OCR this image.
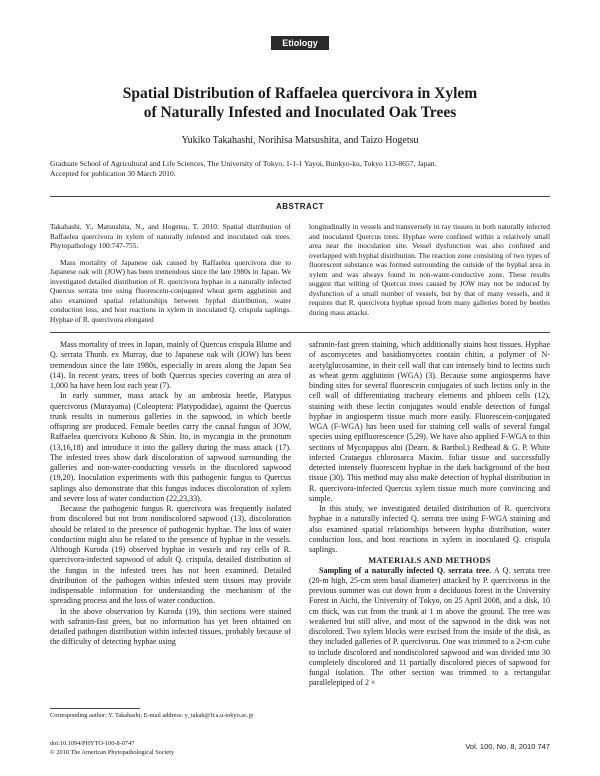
Etiology
Spatial Distribution of Raffaelea quercivora in Xylem
of Naturally Infested and Inoculated Oak Trees
Yukiko Takahashi, Norihisa Matsushita, and Taizo Hogetsu
Graduate School of Agricultural and Life Sciences, The University of Tokyo, 1-1-1 Yayoi, Bunkyo-ku, Tokyo 113-8657, Japan.
Accepted for publication 30 March 2010.
ABSTRACT

Takahashi, Y., Matsushita, N., and Hogetsu, T. 2010. Spatial distribution of Raffaelea quercivora in xylem of naturally infested and inoculated oak trees. Phytopathology 100:747-755.

Mass mortality of Japanese oak caused by Raffaelea quercivora due to Japanese oak wilt (JOW) has been tremendous since the late 1980s in Japan. We investigated detailed distribution of R. quercivora hyphae in a naturally infected Quercus serrata tree using fluorescein-conjugated wheat germ agglutinin and also examined spatial relationships between hyphal distribution, water conduction loss, and host reactions in xylem in inoculated Q. crispula saplings. Hyphae of R. quercivora elongated

longitudinally in vessels and transversely in ray tissues in both naturally infected and inoculated Quercus trees. Hyphae were confined within a relatively small area near the inoculation site. Vessel dysfunction was also confined and overlapped with hyphal distribution. The reaction zone consisting of two types of fluorescent substance was formed surrounding the outside of the hyphal area in xylem and was always found in non-water-conductive zone. These results suggest that wilting of Quercus trees caused by JOW may not be induced by dysfunction of a small number of vessels, but by that of many vessels, and it requires that R. quercivora hyphae spread from many galleries bored by beetles during mass attacks.

Mass mortality of trees in Japan, mainly of Quercus crispula Blume and Q. serrata Thunb. ex Murray, due to Japanese oak wilt (JOW) has been tremendous since the late 1980s, especially in areas along the Japan Sea (14). In recent years, trees of both Quercus species covering an area of 1,000 ha have been lost each year (7).

In early summer, mass attack by an ambrosia beetle, Platypus quercivorus (Murayama) (Coleoptera: Platypodidae), against the Quercus trunk results in numerous galleries in the sapwood, in which beetle offspring are produced. Female beetles carry the causal fungus of JOW, Raffaelea quercivora Kubono & Shin. Ito, in mycangia in the pronotum (13,16,18) and introduce it into the gallery during the mass attack (17). The infested trees show dark discoloration of sapwood surrounding the galleries and non-water-conducting vessels in the discolored sapwood (19,20). Inoculation experiments with this pathogenic fungus to Quercus saplings also demonstrate that this fungus induces discoloration of xylem and severe loss of water conduction (22,23,33).

Because the pathogenic fungus R. quercivora was frequently isolated from discolored but not from nondiscolored sapwood (13), discoloration should be related to the presence of pathogenic hyphae. The loss of water conduction might also be related to the presence of hyphae in the vessels. Although Kuroda (19) observed hyphae in vessels and ray cells of R. quercivora-infected sapwood of adult Q. crispula, detailed distribution of the fungus in the infested trees has not been examined. Detailed distribution of the pathogen within infested stem tissues may provide indispensable information for understanding the mechanism of the spreading process and the loss of water conduction.

In the above observation by Kuroda (19), thin sections were stained with safranin-fast green, but no information has yet been obtained on detailed pathogen distribution within infected tissues, probably because of the difficulty of detecting hyphae using

safranin-fast green staining, which additionally stains host tissues. Hyphae of ascomycetes and basidiomycetes contain chitin, a polymer of N-acetylglucosamine, in their cell wall that can intensely bind to lectins such as wheat germ agglutinin (WGA) (3). Because some angiosperms have binding sites for several fluorescein conjugates of such lectins only in the cell wall of differentiating tracheary elements and phloem cells (12), staining with these lectin conjugates would enable detection of fungal hyphae in angiosperm tissue much more easily. Fluorescein-conjugated WGA (F-WGA) has been used for staining cell walls of several fungal species using epifluorescence (5,29). We have also applied F-WGA to thin sections of Mycopappus alni (Dearn. & Barthol.) Redhead & G. P. White infected Crataegus chlorosarca Maxim. foliar tissue and successfully detected intensely fluorescent hyphae in the dark background of the host tissue (30). This method may also make detection of hyphal distribution in R. quercivora-infected Quercus xylem tissue much more convincing and simple.

In this study, we investigated detailed distribution of R. quercivora hyphae in a naturally infected Q. serrata tree using F-WGA staining and also examined spatial relationships between hypha distribution, water conduction loss, and host reactions in xylem in inoculated Q. crispula saplings.

MATERIALS AND METHODS

Sampling of a naturally infected Q. serrata tree. A Q. serrata tree (20-m high, 25-cm stem basal diameter) attacked by P. quercivorus in the previous summer was cut down from a deciduous forest in the University Forest in Aichi, the University of Tokyo, on 25 April 2008, and a disk, 10 cm thick, was cut from the trunk at 1 m above the ground. The tree was weakened but still alive, and most of the sapwood in the disk was not discolored. Two xylem blocks were excised from the inside of the disk, as they included galleries of P. quercivorus. One was trimmed to a 2-cm cube to include discolored and nondiscolored sapwood and was divided into 30 completely discolored and 11 partially discolored pieces of sapwood for fungal isolation. The other section was trimmed to a rectangular parallelepiped of 2 ×

Corresponding author: Y. Takahashi; E-mail address: y_takah@fr.a.u-tokyo.ac.jp
doi:10.1094/PHYTO-100-8-0747
© 2010 The American Phytopathological Society
Vol. 100, No. 8, 2010 747
